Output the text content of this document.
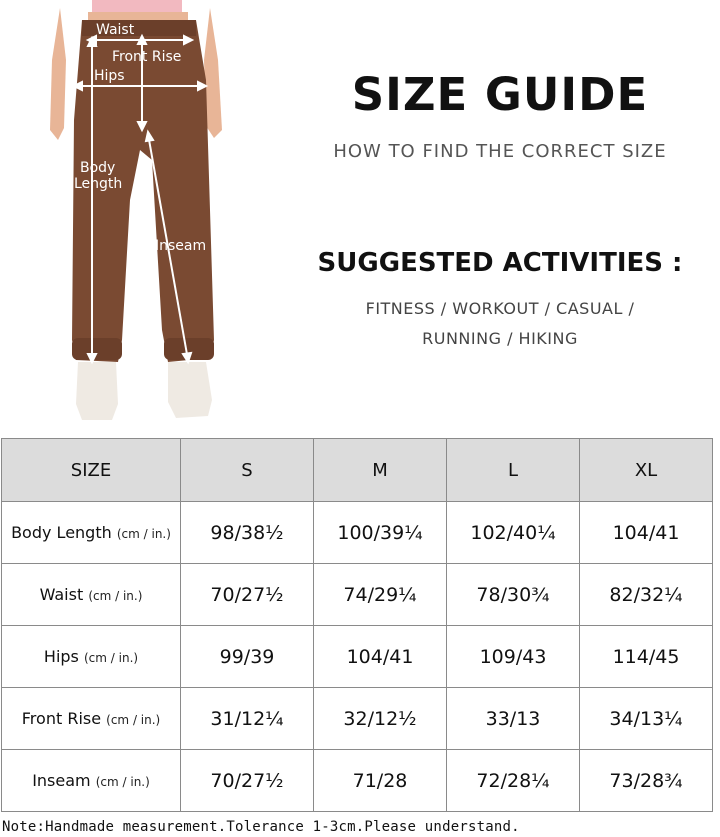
Waist
Front Rise
Hips
Body
Length
Inseam
SIZE GUIDE
HOW TO FIND THE CORRECT SIZE
SUGGESTED ACTIVITIES :
FITNESS / WORKOUT / CASUAL /
RUNNING / HIKING
SIZE	S	M	L	XL
Body Length (cm / in.)	98/38½	100/39¼	102/40¼	104/41
Waist (cm / in.)	70/27½	74/29¼	78/30¾	82/32¼
Hips (cm / in.)	99/39	104/41	109/43	114/45
Front Rise (cm / in.)	31/12¼	32/12½	33/13	34/13¼
Inseam (cm / in.)	70/27½	71/28	72/28¼	73/28¾
Note:Handmade measurement.Tolerance 1-3cm.Please understand.
